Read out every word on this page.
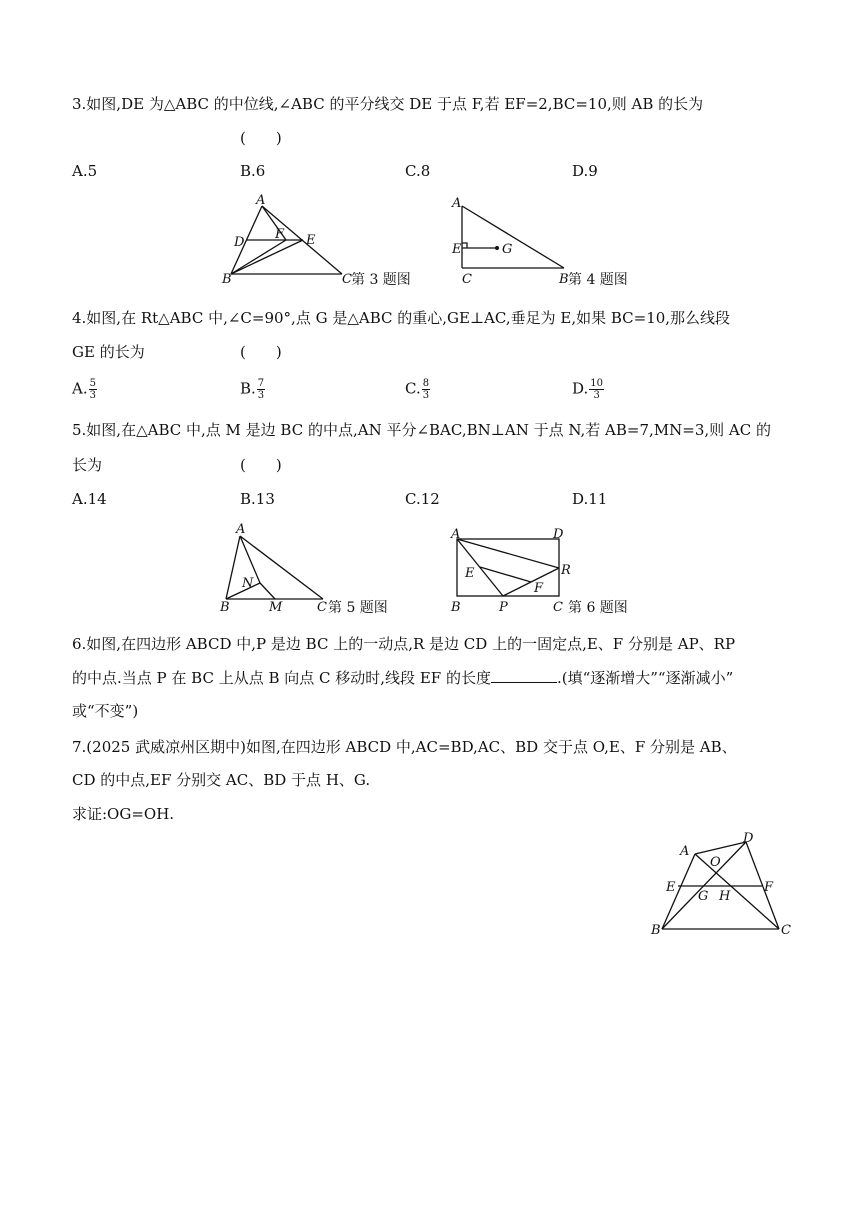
3.如图,DE 为△ABC 的中位线,∠ABC 的平分线交 DE 于点 F,若 EF=2,BC=10,则 AB 的长为
(　　)
A.5	B.6	C.8	D.9
A
D
F E
B	C 第 3 题图
A
E	G
C	B 第 4 题图
4.如图,在 Rt△ABC 中,∠C=90°,点 G 是△ABC 的重心,GE⊥AC,垂足为 E,如果 BC=10,那么线段
GE 的长为	(　　)
A. $\frac{5}{3}$	B. $\frac{7}{3}$	C. $\frac{8}{3}$	D. $\frac{10}{3}$
5.如图,在△ABC 中,点 M 是边 BC 的中点,AN 平分∠BAC,BN⊥AN 于点 N,若 AB=7,MN=3,则 AC 的
长为	(　　)
A.14	B.13	C.12	D.11
A
N
B	M	C 第 5 题图
A	D
E	R
F
B	P	C 第 6 题图
6.如图,在四边形 ABCD 中,P 是边 BC 上的一动点,R 是边 CD 上的一固定点,E、F 分别是 AP、RP
的中点.当点 P 在 BC 上从点 B 向点 C 移动时,线段 EF 的长度	.(填“逐渐增大”“逐渐减小”
或“不变”)
7.(2025 武威凉州区期中)如图,在四边形 ABCD 中,AC=BD,AC、BD 交于点 O,E、F 分别是 AB、
CD 的中点,EF 分别交 AC、BD 于点 H、G.
求证:OG=OH.
A
D
O
E	F
G H
B	C
